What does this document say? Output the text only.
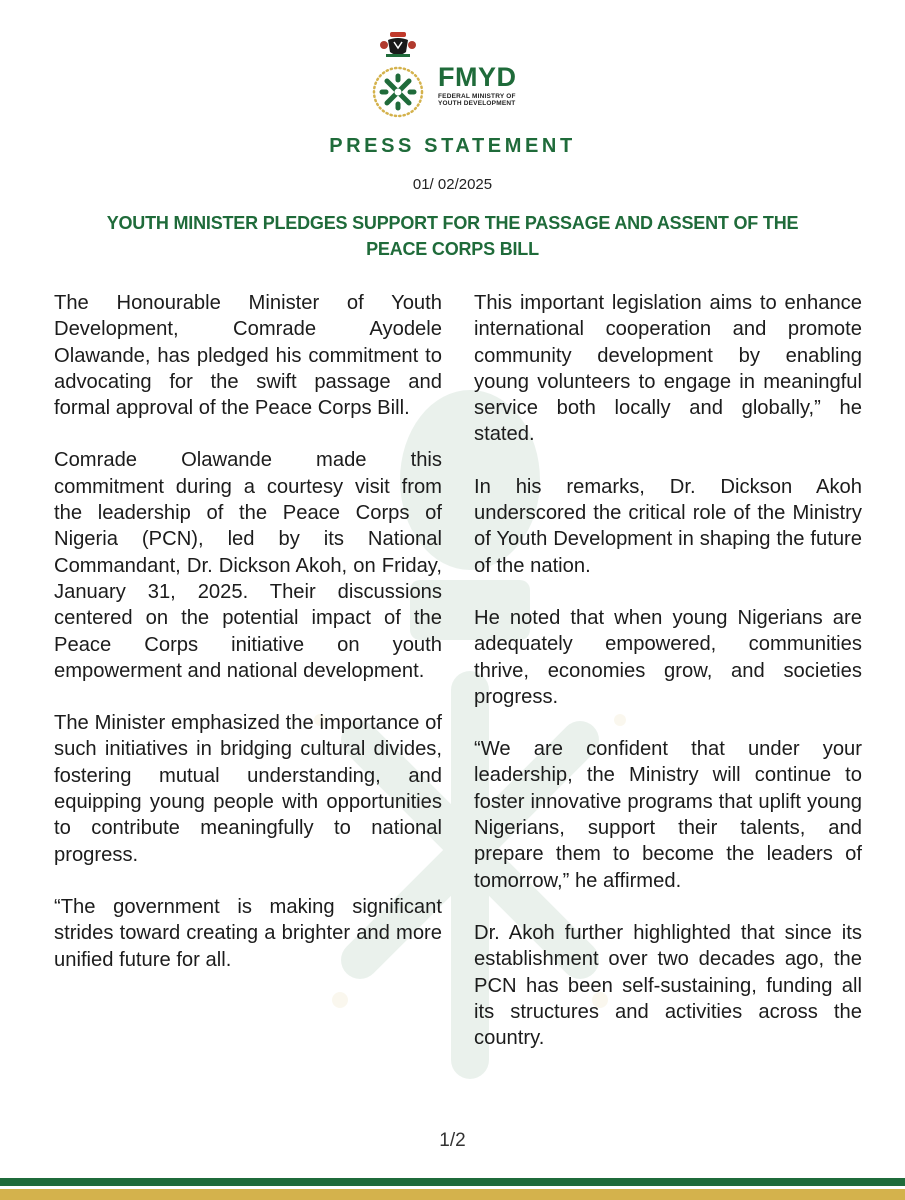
FMYD
FEDERAL MINISTRY OF YOUTH DEVELOPMENT
PRESS STATEMENT
01/ 02/2025
YOUTH MINISTER PLEDGES SUPPORT FOR THE PASSAGE AND ASSENT OF THE PEACE CORPS BILL

The Honourable Minister of Youth Development, Comrade Ayodele Olawande, has pledged his commitment to advocating for the swift passage and formal approval of the Peace Corps Bill.

Comrade Olawande made this commitment during a courtesy visit from the leadership of the Peace Corps of Nigeria (PCN), led by its National Commandant, Dr. Dickson Akoh, on Friday, January 31, 2025. Their discussions centered on the potential impact of the Peace Corps initiative on youth empowerment and national development.

The Minister emphasized the importance of such initiatives in bridging cultural divides, fostering mutual understanding, and equipping young people with opportunities to contribute meaningfully to national progress.

“The government is making significant strides toward creating a brighter and more unified future for all.

This important legislation aims to enhance international cooperation and promote community development by enabling young volunteers to engage in meaningful service both locally and globally,” he stated.

In his remarks, Dr. Dickson Akoh underscored the critical role of the Ministry of Youth Development in shaping the future of the nation.

He noted that when young Nigerians are adequately empowered, communities thrive, economies grow, and societies progress.

“We are confident that under your leadership, the Ministry will continue to foster innovative programs that uplift young Nigerians, support their talents, and prepare them to become the leaders of tomorrow,” he affirmed.

Dr. Akoh further highlighted that since its establishment over two decades ago, the PCN has been self-sustaining, funding all its structures and activities across the country.

1/2
